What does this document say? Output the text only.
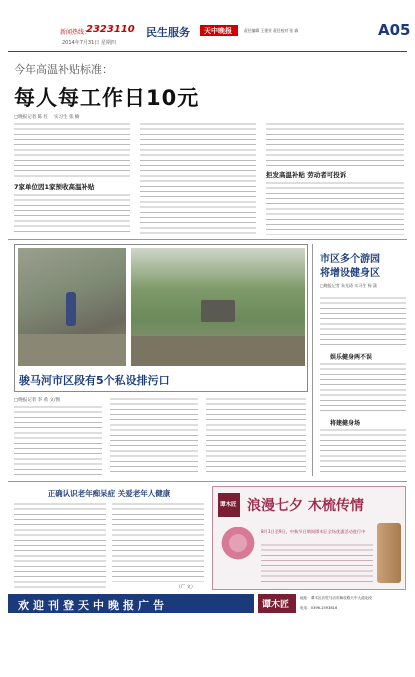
新闻热线：
2323110 民生服务 天中晚报	责任编辑 王建业 责任校对 张 森	A05
2014年7月31日 星期四
今年高温补贴标准：
每人每工作日10元
□晚报记者 陈 红 　实习生 张 楠
7家单位因1家预收高温补贴
拒发高温补贴 劳动者可投诉
骏马河市区段有5个私设排污口
□晚报记者 李 希 文/图
市区多个游园
将增设健身区
□晚报记者 朱光琦 实习生 杨 潇
娱乐健身两不误
将建健身场
正确认识老年痴呆症 关爱老年人健康
（广 文）
谭木匠 浪漫七夕 木梳传情
8月1日至9日，中秋节日期间谭木匠全场优惠活动进行中
欢迎刊登天中晚报广告	谭木匠
地址：谭木匠店驻马店市解放路天中大道北段
电话：0396-2593816
